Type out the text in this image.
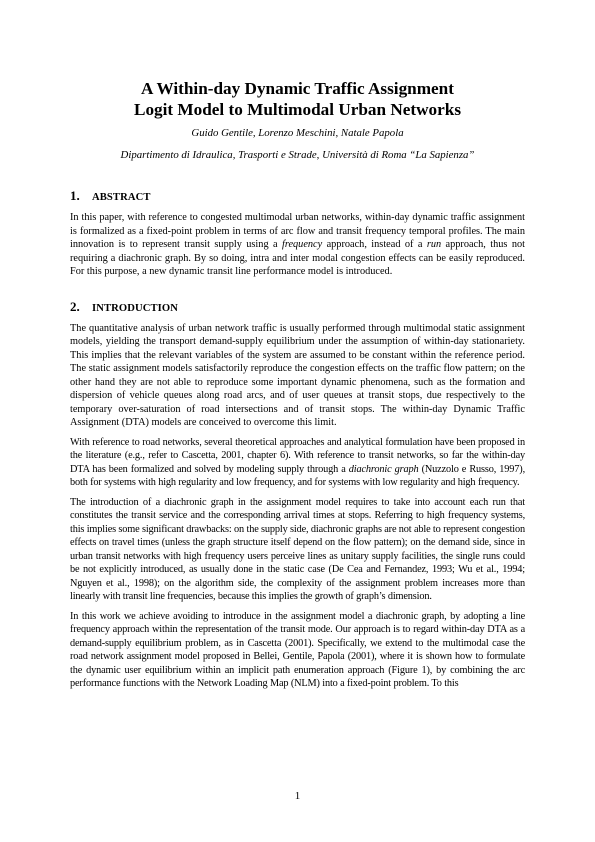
A Within-day Dynamic Traffic Assignment
Logit Model to Multimodal Urban Networks
Guido Gentile, Lorenzo Meschini, Natale Papola
Dipartimento di Idraulica, Trasporti e Strade, Università di Roma “La Sapienza”
1.	ABSTRACT

In this paper, with reference to congested multimodal urban networks, within-day dynamic traffic assignment is formalized as a fixed-point problem in terms of arc flow and transit frequency temporal profiles. The main innovation is to represent transit supply using a frequency approach, instead of a run approach, thus not requiring a diachronic graph. By so doing, intra and inter modal congestion effects can be easily reproduced. For this purpose, a new dynamic transit line performance model is introduced.

2.	INTRODUCTION

The quantitative analysis of urban network traffic is usually performed through multimodal static assignment models, yielding the transport demand-supply equilibrium under the assumption of within-day stationariety. This implies that the relevant variables of the system are assumed to be constant within the reference period. The static assignment models satisfactorily reproduce the congestion effects on the traffic flow pattern; on the other hand they are not able to reproduce some important dynamic phenomena, such as the formation and dispersion of vehicle queues along road arcs, and of user queues at transit stops, due respectively to the temporary over-saturation of road intersections and of transit stops. The within-day Dynamic Traffic Assignment (DTA) models are conceived to overcome this limit.

With reference to road networks, several theoretical approaches and analytical formulation have been proposed in the literature (e.g., refer to Cascetta, 2001, chapter 6). With reference to transit networks, so far the within-day DTA has been formalized and solved by modeling supply through a diachronic graph (Nuzzolo e Russo, 1997), both for systems with high regularity and low frequency, and for systems with low regularity and high frequency.

The introduction of a diachronic graph in the assignment model requires to take into account each run that constitutes the transit service and the corresponding arrival times at stops. Referring to high frequency systems, this implies some significant drawbacks: on the supply side, diachronic graphs are not able to represent congestion effects on travel times (unless the graph structure itself depend on the flow pattern); on the demand side, since in urban transit networks with high frequency users perceive lines as unitary supply facilities, the single runs could be not explicitly introduced, as usually done in the static case (De Cea and Fernandez, 1993; Wu et al., 1994; Nguyen et al., 1998); on the algorithm side, the complexity of the assignment problem increases more than linearly with transit line frequencies, because this implies the growth of graph’s dimension.

In this work we achieve avoiding to introduce in the assignment model a diachronic graph, by adopting a line frequency approach within the representation of the transit mode. Our approach is to regard within-day DTA as a demand-supply equilibrium problem, as in Cascetta (2001). Specifically, we extend to the multimodal case the road network assignment model proposed in Bellei, Gentile, Papola (2001), where it is shown how to formulate the dynamic user equilibrium within an implicit path enumeration approach (Figure 1), by combining the arc performance functions with the Network Loading Map (NLM) into a fixed-point problem. To this

1
